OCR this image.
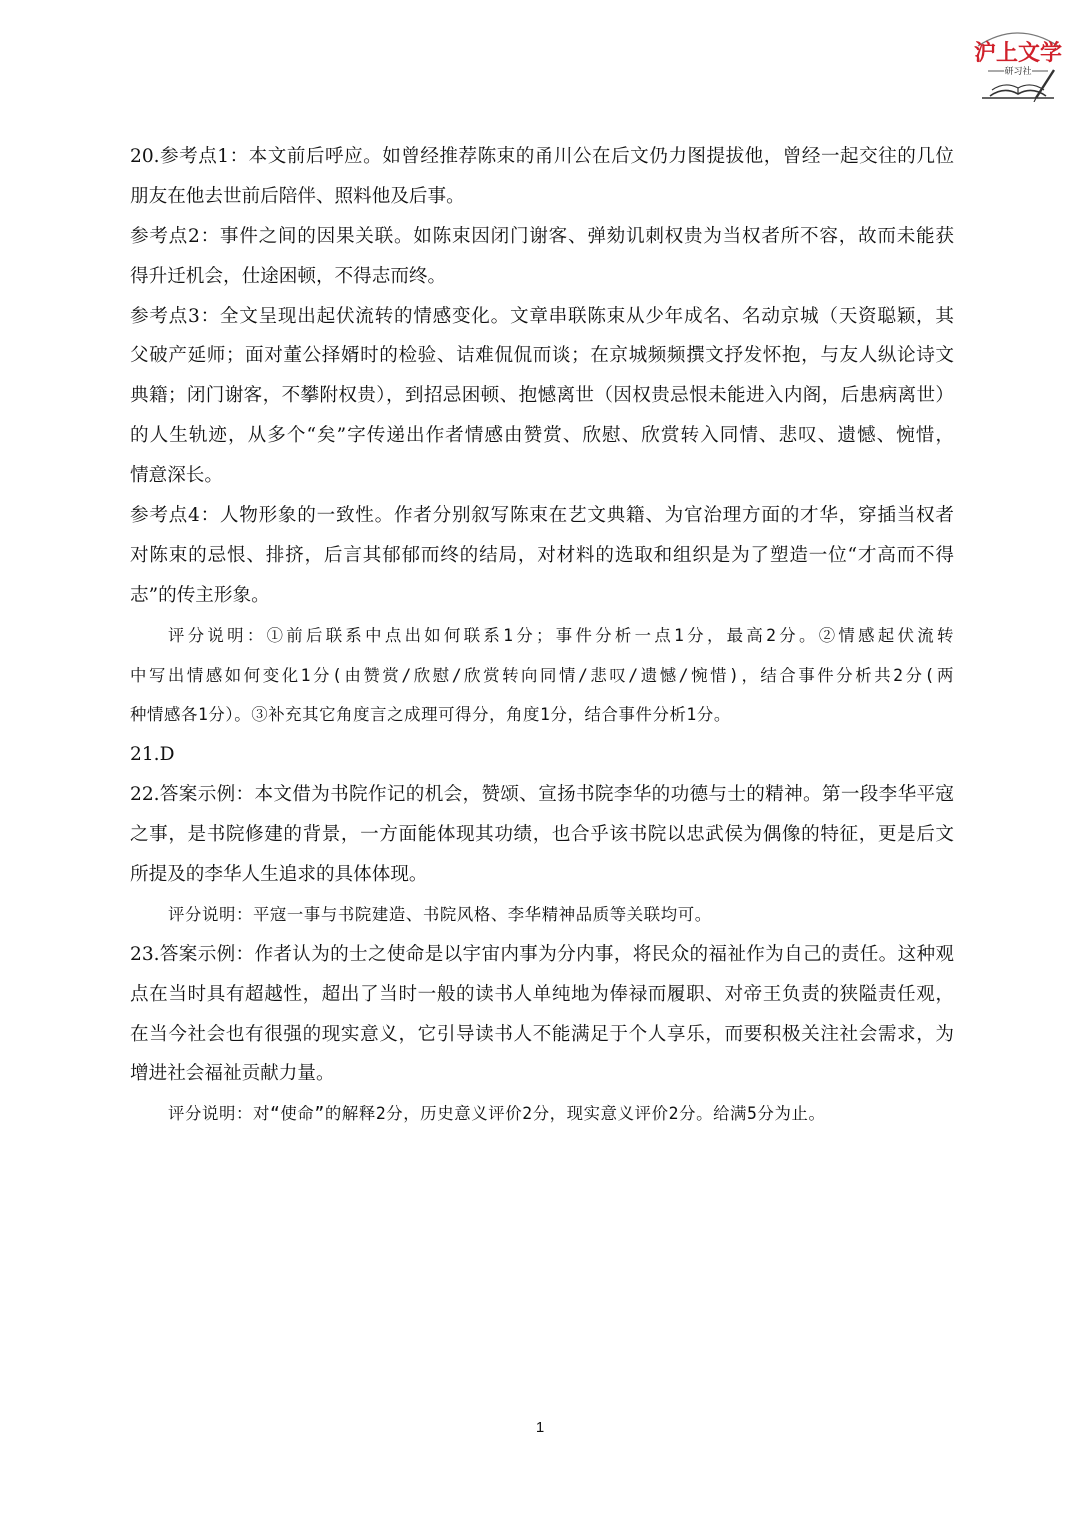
沪上文学
研习社
20.参考点1：本文前后呼应。如曾经推荐陈束的甬川公在后文仍力图提拔他，曾经一起交往的几位
朋友在他去世前后陪伴、照料他及后事。
参考点2：事件之间的因果关联。如陈束因闭门谢客、弹劾讥刺权贵为当权者所不容，故而未能获
得升迁机会，仕途困顿，不得志而终。
参考点3：全文呈现出起伏流转的情感变化。文章串联陈束从少年成名、名动京城（天资聪颖，其
父破产延师；面对董公择婿时的检验、诘难侃侃而谈；在京城频频撰文抒发怀抱，与友人纵论诗文
典籍；闭门谢客，不攀附权贵），到招忌困顿、抱憾离世（因权贵忌恨未能进入内阁，后患病离世）
的人生轨迹，从多个“矣”字传递出作者情感由赞赏、欣慰、欣赏转入同情、悲叹、遗憾、惋惜，
情意深长。
参考点4：人物形象的一致性。作者分别叙写陈束在艺文典籍、为官治理方面的才华，穿插当权者
对陈束的忌恨、排挤，后言其郁郁而终的结局，对材料的选取和组织是为了塑造一位“才高而不得
志”的传主形象。
评分说明：①前后联系中点出如何联系1分；事件分析一点1分，最高2分。②情感起伏流转
中写出情感如何变化1分(由赞赏/欣慰/欣赏转向同情/悲叹/遗憾/惋惜)，结合事件分析共2分(两
种情感各1分）。③补充其它角度言之成理可得分，角度1分，结合事件分析1分。
21.D
22.答案示例：本文借为书院作记的机会，赞颂、宣扬书院李华的功德与士的精神。第一段李华平寇
之事，是书院修建的背景，一方面能体现其功绩，也合乎该书院以忠武侯为偶像的特征，更是后文
所提及的李华人生追求的具体体现。
评分说明：平寇一事与书院建造、书院风格、李华精神品质等关联均可。
23.答案示例：作者认为的士之使命是以宇宙内事为分内事，将民众的福祉作为自己的责任。这种观
点在当时具有超越性，超出了当时一般的读书人单纯地为俸禄而履职、对帝王负责的狭隘责任观，
在当今社会也有很强的现实意义，它引导读书人不能满足于个人享乐，而要积极关注社会需求，为
增进社会福祉贡献力量。
评分说明：对“使命”的解释2分，历史意义评价2分，现实意义评价2分。给满5分为止。
1
